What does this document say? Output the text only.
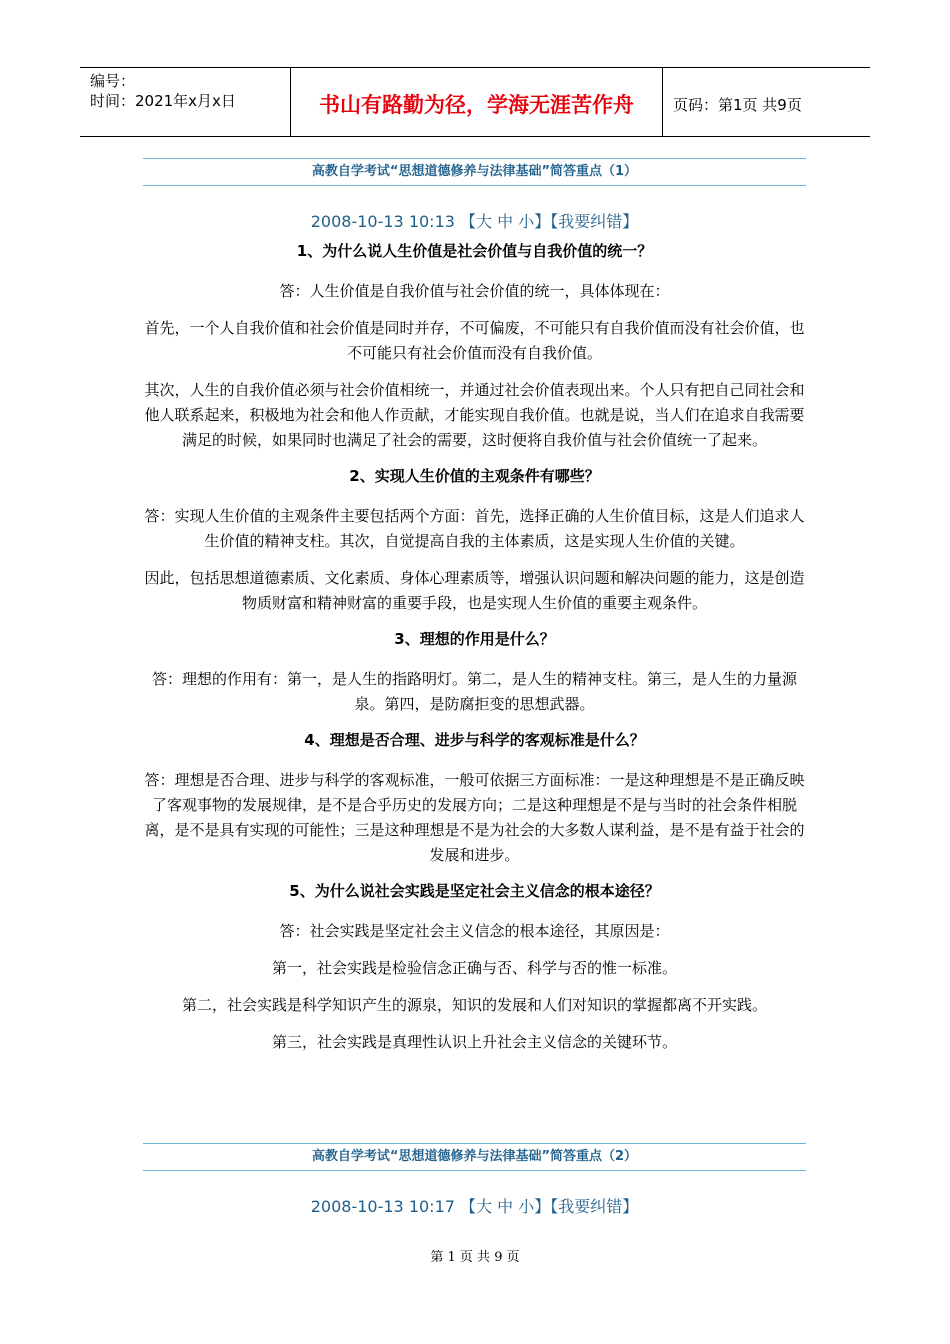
编号：
时间：2021年x月x日	书山有路勤为径，学海无涯苦作舟	页码：第1页 共9页
高教自学考试“思想道德修养与法律基础”简答重点（1）
2008-10-13 10:13 【大 中 小】【我要纠错】
1、为什么说人生价值是社会价值与自我价值的统一？
答：人生价值是自我价值与社会价值的统一，具体体现在：
首先，一个人自我价值和社会价值是同时并存，不可偏废，不可能只有自我价值而没有社会价值，也不可能只有社会价值而没有自我价值。
其次，人生的自我价值必须与社会价值相统一，并通过社会价值表现出来。个人只有把自己同社会和他人联系起来，积极地为社会和他人作贡献，才能实现自我价值。也就是说，当人们在追求自我需要满足的时候，如果同时也满足了社会的需要，这时便将自我价值与社会价值统一了起来。
2、实现人生价值的主观条件有哪些？
答：实现人生价值的主观条件主要包括两个方面：首先，选择正确的人生价值目标，这是人们追求人生价值的精神支柱。其次，自觉提高自我的主体素质，这是实现人生价值的关键。
因此，包括思想道德素质、文化素质、身体心理素质等，增强认识问题和解决问题的能力，这是创造物质财富和精神财富的重要手段，也是实现人生价值的重要主观条件。
3、理想的作用是什么？
答：理想的作用有：第一，是人生的指路明灯。第二，是人生的精神支柱。第三，是人生的力量源泉。第四，是防腐拒变的思想武器。
4、理想是否合理、进步与科学的客观标准是什么？
答：理想是否合理、进步与科学的客观标准，一般可依据三方面标准：一是这种理想是不是正确反映了客观事物的发展规律，是不是合乎历史的发展方向；二是这种理想是不是与当时的社会条件相脱离，是不是具有实现的可能性；三是这种理想是不是为社会的大多数人谋利益，是不是有益于社会的发展和进步。
5、为什么说社会实践是坚定社会主义信念的根本途径？
答：社会实践是坚定社会主义信念的根本途径，其原因是：
第一，社会实践是检验信念正确与否、科学与否的惟一标准。
第二，社会实践是科学知识产生的源泉，知识的发展和人们对知识的掌握都离不开实践。
第三，社会实践是真理性认识上升社会主义信念的关键环节。
高教自学考试“思想道德修养与法律基础”简答重点（2）
2008-10-13 10:17 【大 中 小】【我要纠错】
第 1 页 共 9 页
